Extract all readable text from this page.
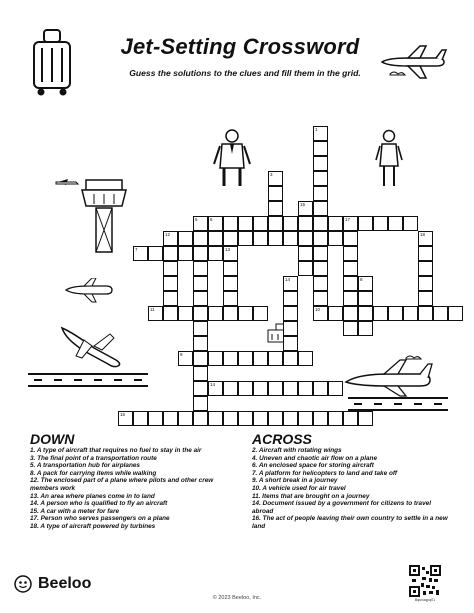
Jet-Setting Crossword
Guess the solutions to the clues and fill them in the grid.
1
10
5
3
17
18
12
13
8
14
15
6
7
11
9
14
16
DOWN
1. A type of aircraft that requires no fuel to stay in the air
3. The final point of a transportation route
5. A transportation hub for airplanes
8. A pack for carrying items while walking
12. The enclosed part of a plane where pilots and other crew members work
13. An area where planes come in to land
14. A person who is qualified to fly an aircraft
15. A car with a meter for fare
17. Person who serves passengers on a plane
18. A type of aircraft powered by turbines
ACROSS
2. Aircraft with rotating wings
4. Uneven and chaotic air flow on a plane
6. An enclosed space for storing aircraft
7. A platform for helicopters to land and take off
9. A short break in a journey
10. A vehicle used for air travel
11. Items that are brought on a journey
14. Document issued by a government for citizens to travel abroad
16. The act of people leaving their own country to settle in a new land
Beeloo
© 2023 Beeloo, Inc.	Bquxaqpq01
